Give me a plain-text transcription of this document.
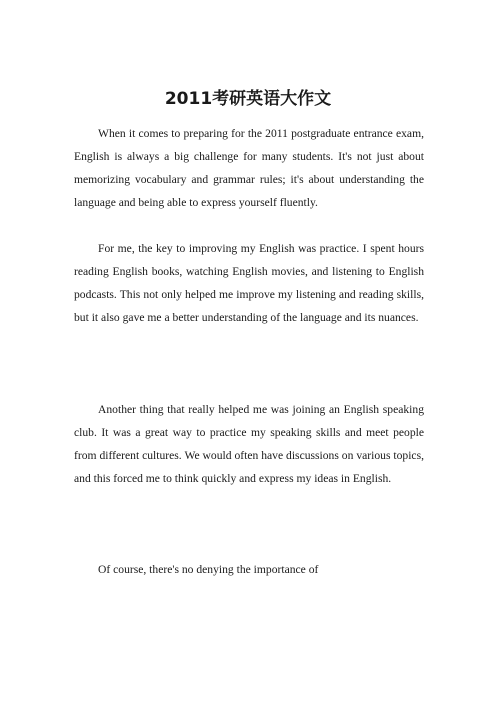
2011考研英语大作文

When it comes to preparing for the 2011 postgraduate entrance exam, English is always a big challenge for many students. It's not just about memorizing vocabulary and grammar rules; it's about understanding the language and being able to express yourself fluently.

For me, the key to improving my English was practice. I spent hours reading English books, watching English movies, and listening to English podcasts. This not only helped me improve my listening and reading skills, but it also gave me a better understanding of the language and its nuances.

Another thing that really helped me was joining an English speaking club. It was a great way to practice my speaking skills and meet people from different cultures. We would often have discussions on various topics, and this forced me to think quickly and express my ideas in English.

Of course, there's no denying the importance of
